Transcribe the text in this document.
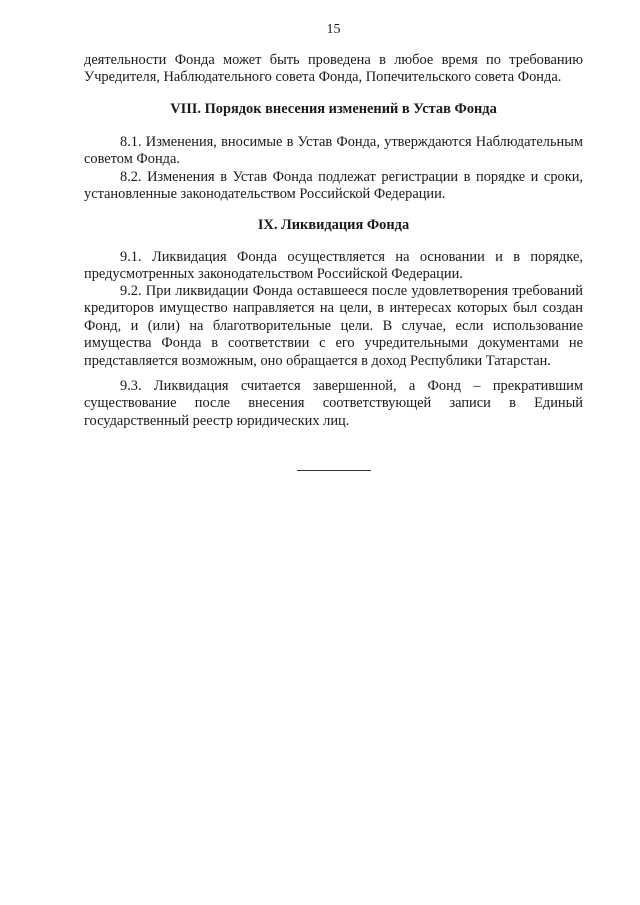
15

деятельности Фонда может быть проведена в любое время по требованию Учредителя, Наблюдательного совета Фонда, Попечительского совета Фонда.

VIII. Порядок внесения изменений в Устав Фонда

8.1. Изменения, вносимые в Устав Фонда, утверждаются Наблюдательным советом Фонда.

8.2. Изменения в Устав Фонда подлежат регистрации в порядке и сроки, установленные законодательством Российской Федерации.

IX. Ликвидация Фонда

9.1. Ликвидация Фонда осуществляется на основании и в порядке, предусмотренных законодательством Российской Федерации.

9.2. При ликвидации Фонда оставшееся после удовлетворения требований кредиторов имущество направляется на цели, в интересах которых был создан Фонд, и (или) на благотворительные цели. В случае, если использование имущества Фонда в соответствии с его учредительными документами не представляется возможным, оно обращается в доход Республики Татарстан.

9.3. Ликвидация считается завершенной, а Фонд – прекратившим существование после внесения соответствующей записи в Единый государственный реестр юридических лиц.
